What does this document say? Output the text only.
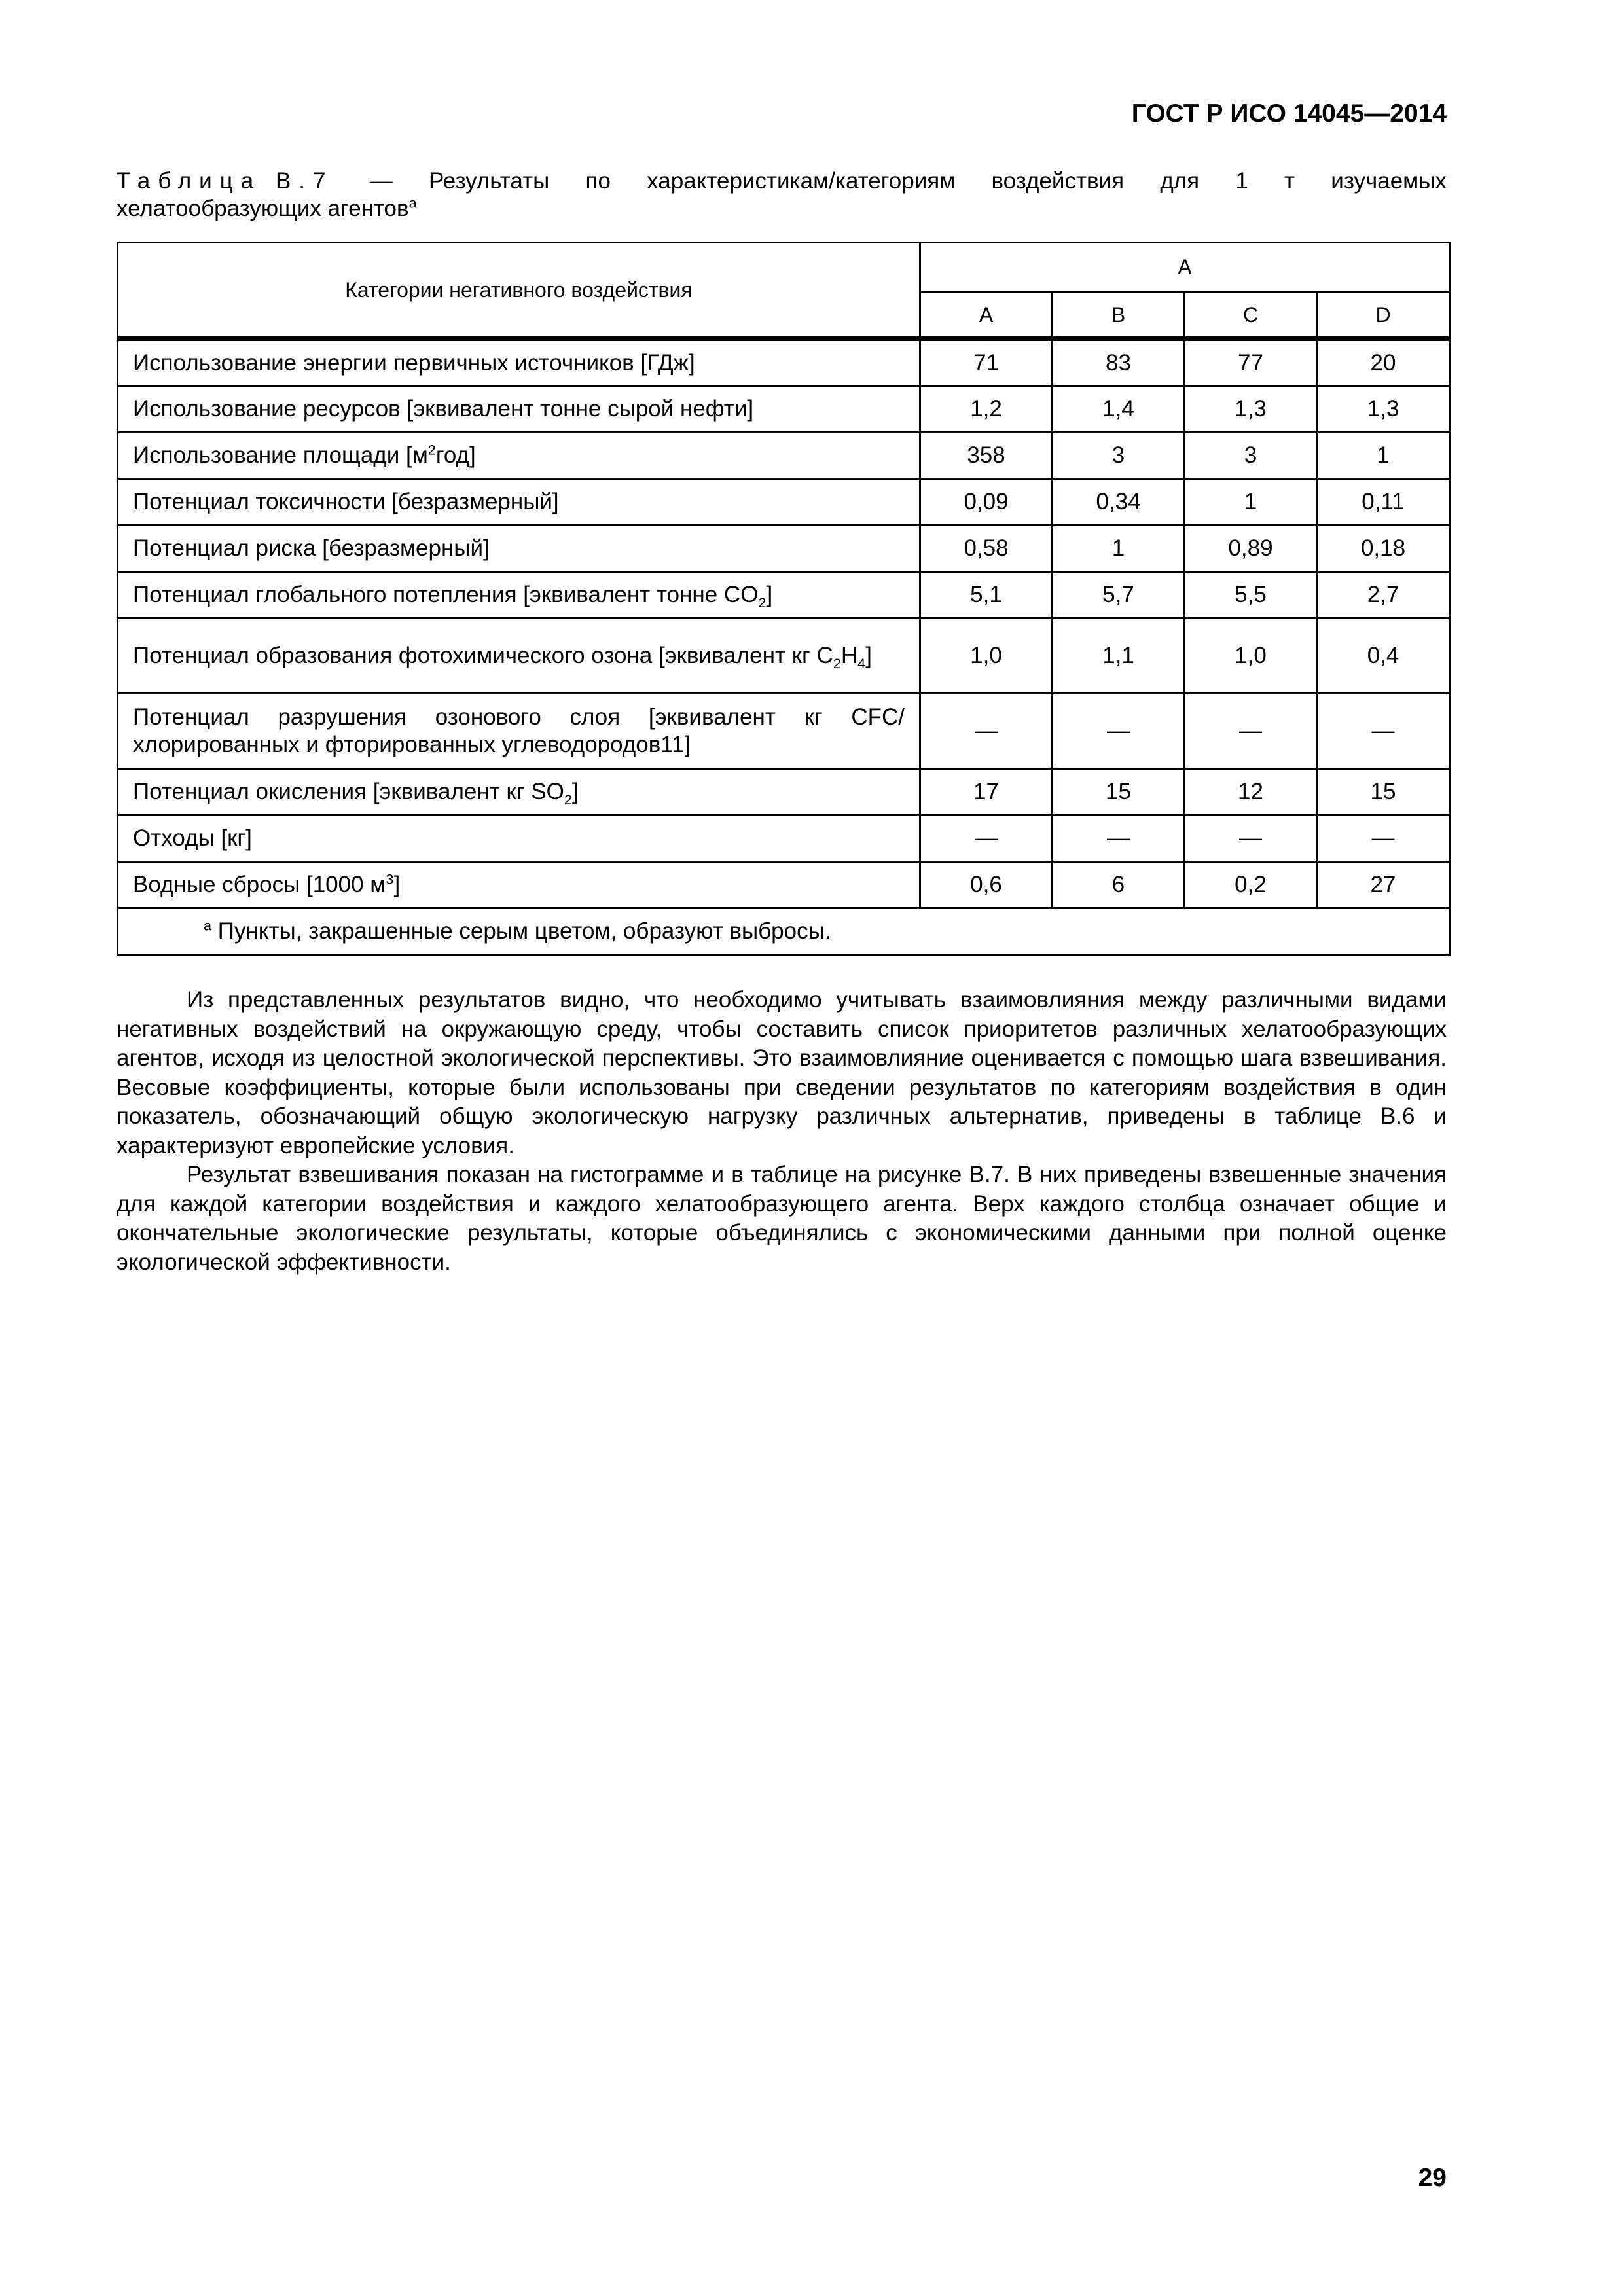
ГОСТ Р ИСО 14045—2014
Таблица В.7 — Результаты по характеристикам/категориям воздействия для 1 т изучаемых
хелатообразующих агентов$^a$
Категории негативного воздействия	A			
	A	B	C	D
Использование энергии первичных источников [ГДж]	71	83	77	20
Использование ресурсов [эквивалент тонне сырой нефти]	1,2	1,4	1,3	1,3
Использование площади $[м^2год]$	358	3	3	1
Потенциал токсичности [безразмерный]	0,09	0,34	1	0,11
Потенциал риска [безразмерный]	0,58	1	0,89	0,18
Потенциал глобального потепления [эквивалент тонне $CO_2$]	5,1	5,7	5,5	2,7
Потенциал образования фотохимического озона [эквивалент кг $C_2H_4$]	1,0	1,1	1,0	0,4
Потенциал разрушения озонового слоя [эквивалент кг CFC/ хлорированных и фторированных углеводородов11]	—	—	—	—
Потенциал окисления [эквивалент кг $SO_2$]	17	15	12	15
Отходы [кг]	—	—	—	—
Водные сбросы [1000 $м^3$]	0,6	6	0,2	27
$^a$ Пункты, закрашенные серым цветом, образуют выбросы.				

Из представленных результатов видно, что необходимо учитывать взаимовлияния между различными видами негативных воздействий на окружающую среду, чтобы составить список приоритетов различных хелатообразующих агентов, исходя из целостной экологической перспективы. Это взаимовлияние оценивается с помощью шага взвешивания. Весовые коэффициенты, которые были использованы при сведении результатов по категориям воздействия в один показатель, обозначающий общую экологическую нагрузку различных альтернатив, приведены в таблице В.6 и характеризуют европейские условия.

Результат взвешивания показан на гистограмме и в таблице на рисунке В.7. В них приведены взвешенные значения для каждой категории воздействия и каждого хелатообразующего агента. Верх каждого столбца означает общие и окончательные экологические результаты, которые объединялись с экономическими данными при полной оценке экологической эффективности.

29
